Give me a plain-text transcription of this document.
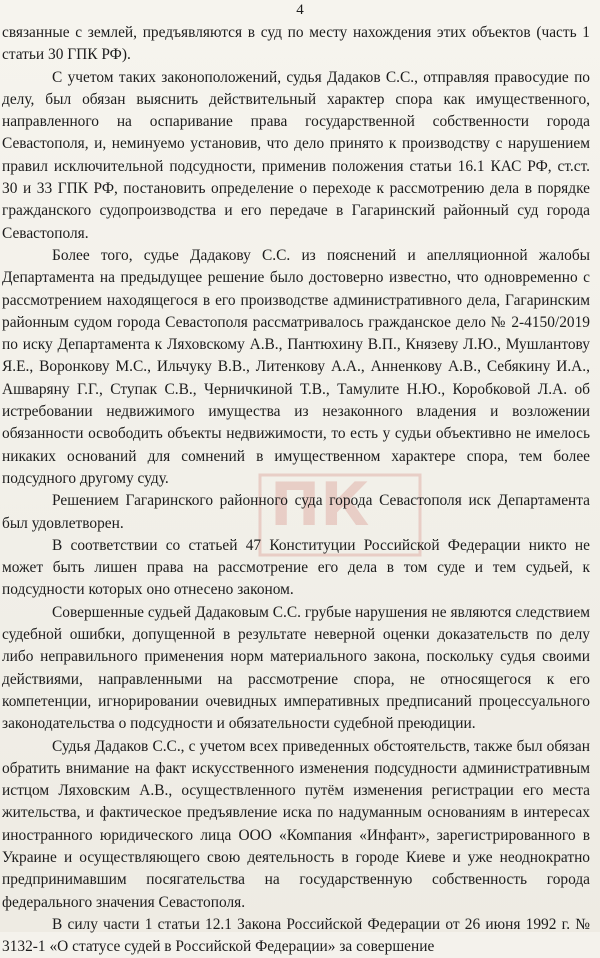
4
ПК

связанные с землей, предъявляются в суд по месту нахождения этих объектов (часть 1 статьи 30 ГПК РФ).

С учетом таких законоположений, судья Дадаков С.С., отправляя правосудие по делу, был обязан выяснить действительный характер спора как имущественного, направленного на оспаривание права государственной собственности города Севастополя, и, неминуемо установив, что дело принято к производству с нарушением правил исключительной подсудности, применив положения статьи 16.1 КАС РФ, ст.ст. 30 и 33 ГПК РФ, постановить определение о переходе к рассмотрению дела в порядке гражданского судопроизводства и его передаче в Гагаринский районный суд города Севастополя.

Более того, судье Дадакову С.С. из пояснений и апелляционной жалобы Департамента на предыдущее решение было достоверно известно, что одновременно с рассмотрением находящегося в его производстве административного дела, Гагаринским районным судом города Севастополя рассматривалось гражданское дело № 2-4150/2019 по иску Департамента к Ляховскому А.В., Пантюхину В.П., Князеву Л.Ю., Мушлантову Я.Е., Воронкову М.С., Ильчуку В.В., Литенкову А.А., Анненкову А.В., Себякину И.А., Ашваряну Г.Г., Ступак С.В., Черничкиной Т.В., Тамулите Н.Ю., Коробковой Л.А. об истребовании недвижимого имущества из незаконного владения и возложении обязанности освободить объекты недвижимости, то есть у судьи объективно не имелось никаких оснований для сомнений в имущественном характере спора, тем более подсудного другому суду.

Решением Гагаринского районного суда города Севастополя иск Департамента был удовлетворен.

В соответствии со статьей 47 Конституции Российской Федерации никто не может быть лишен права на рассмотрение его дела в том суде и тем судьей, к подсудности которых оно отнесено законом.

Совершенные судьей Дадаковым С.С. грубые нарушения не являются следствием судебной ошибки, допущенной в результате неверной оценки доказательств по делу либо неправильного применения норм материального закона, поскольку судья своими действиями, направленными на рассмотрение спора, не относящегося к его компетенции, игнорировании очевидных императивных предписаний процессуального законодательства о подсудности и обязательности судебной преюдиции.

Судья Дадаков С.С., с учетом всех приведенных обстоятельств, также был обязан обратить внимание на факт искусственного изменения подсудности административным истцом Ляховским А.В., осуществленного путём изменения регистрации его места жительства, и фактическое предъявление иска по надуманным основаниям в интересах иностранного юридического лица ООО «Компания «Инфант», зарегистрированного в Украине и осуществляющего свою деятельность в городе Киеве и уже неоднократно предпринимавшим посягательства на государственную собственность города федерального значения Севастополя.

В силу части 1 статьи 12.1 Закона Российской Федерации от 26 июня 1992 г. № 3132-1 «О статусе судей в Российской Федерации» за совершение
